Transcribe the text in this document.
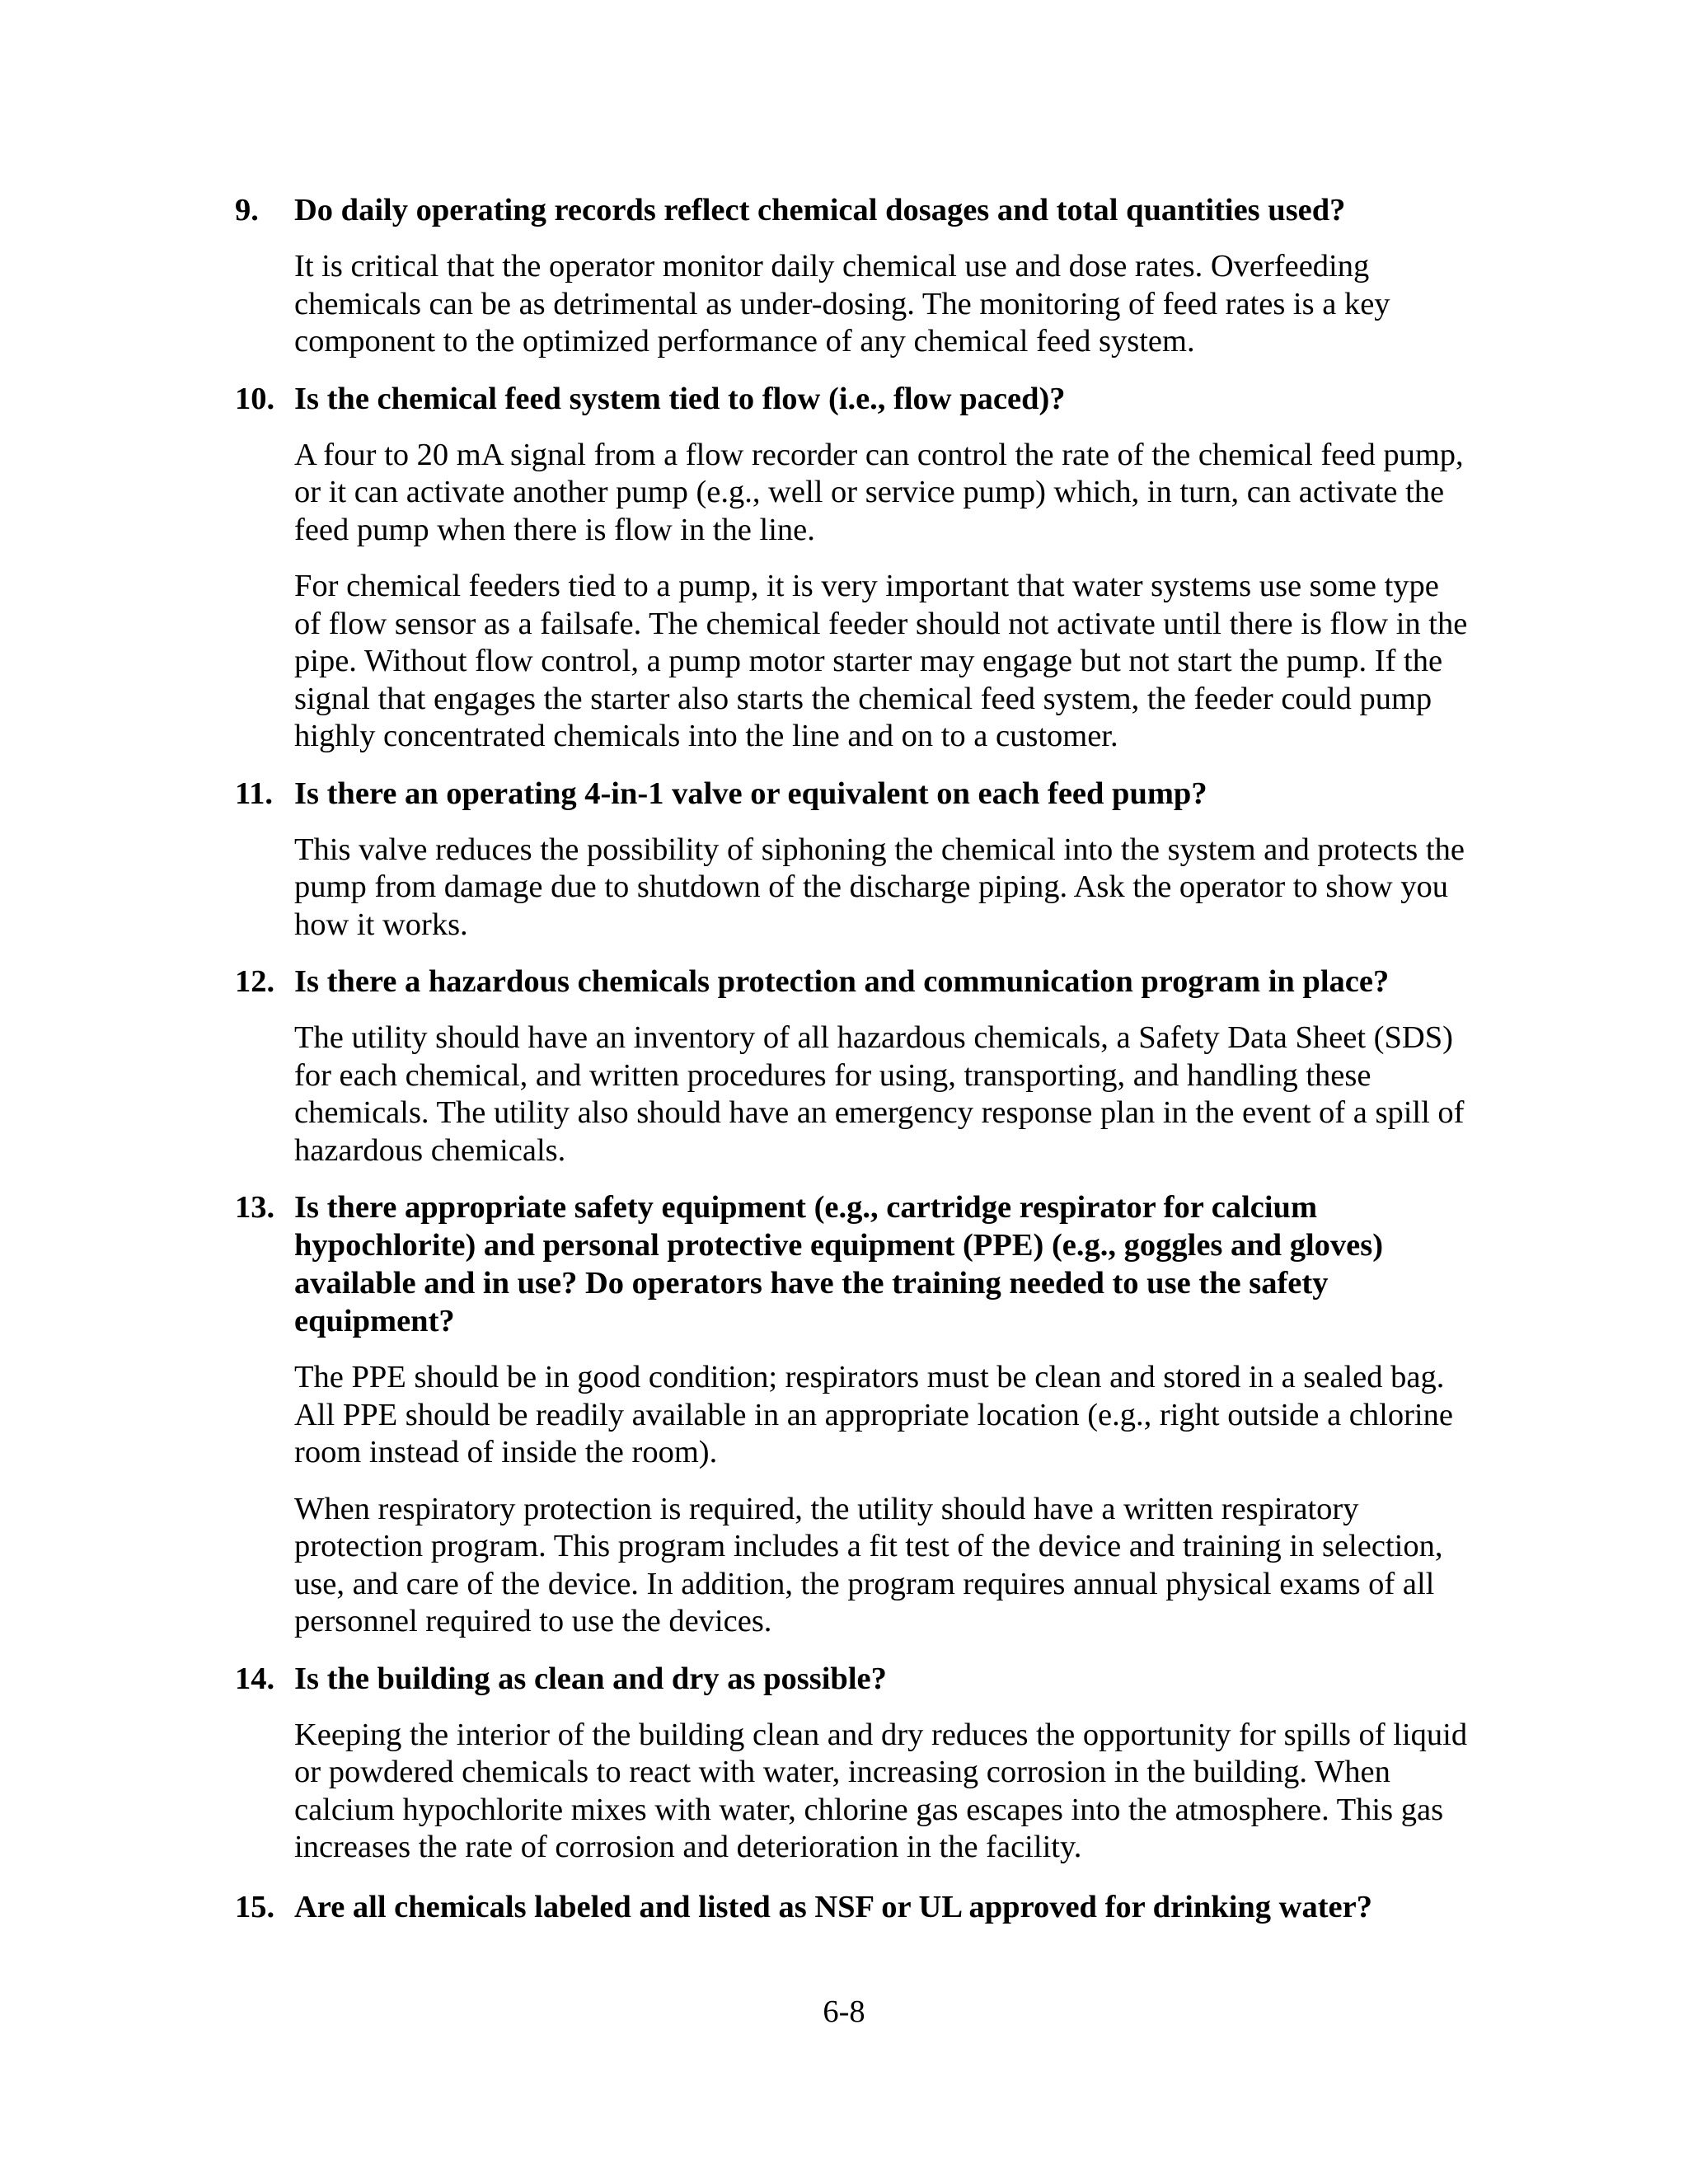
9.	Do daily operating records reflect chemical dosages and total quantities used?

It is critical that the operator monitor daily chemical use and dose rates. Overfeeding chemicals can be as detrimental as under-dosing. The monitoring of feed rates is a key component to the optimized performance of any chemical feed system.

10. Is the chemical feed system tied to flow (i.e., flow paced)?

A four to 20 mA signal from a flow recorder can control the rate of the chemical feed pump, or it can activate another pump (e.g., well or service pump) which, in turn, can activate the feed pump when there is flow in the line.

For chemical feeders tied to a pump, it is very important that water systems use some type of flow sensor as a failsafe. The chemical feeder should not activate until there is flow in the pipe. Without flow control, a pump motor starter may engage but not start the pump. If the signal that engages the starter also starts the chemical feed system, the feeder could pump highly concentrated chemicals into the line and on to a customer.

11. Is there an operating 4-in-1 valve or equivalent on each feed pump?

This valve reduces the possibility of siphoning the chemical into the system and protects the pump from damage due to shutdown of the discharge piping. Ask the operator to show you how it works.

12. Is there a hazardous chemicals protection and communication program in place?

The utility should have an inventory of all hazardous chemicals, a Safety Data Sheet (SDS) for each chemical, and written procedures for using, transporting, and handling these chemicals. The utility also should have an emergency response plan in the event of a spill of hazardous chemicals.

13. Is there appropriate safety equipment (e.g., cartridge respirator for calcium hypochlorite) and personal protective equipment (PPE) (e.g., goggles and gloves) available and in use? Do operators have the training needed to use the safety equipment?

The PPE should be in good condition; respirators must be clean and stored in a sealed bag. All PPE should be readily available in an appropriate location (e.g., right outside a chlorine room instead of inside the room).

When respiratory protection is required, the utility should have a written respiratory protection program. This program includes a fit test of the device and training in selection, use, and care of the device. In addition, the program requires annual physical exams of all personnel required to use the devices.

14. Is the building as clean and dry as possible?

Keeping the interior of the building clean and dry reduces the opportunity for spills of liquid or powdered chemicals to react with water, increasing corrosion in the building. When calcium hypochlorite mixes with water, chlorine gas escapes into the atmosphere. This gas increases the rate of corrosion and deterioration in the facility.

15. Are all chemicals labeled and listed as NSF or UL approved for drinking water?
6-8
